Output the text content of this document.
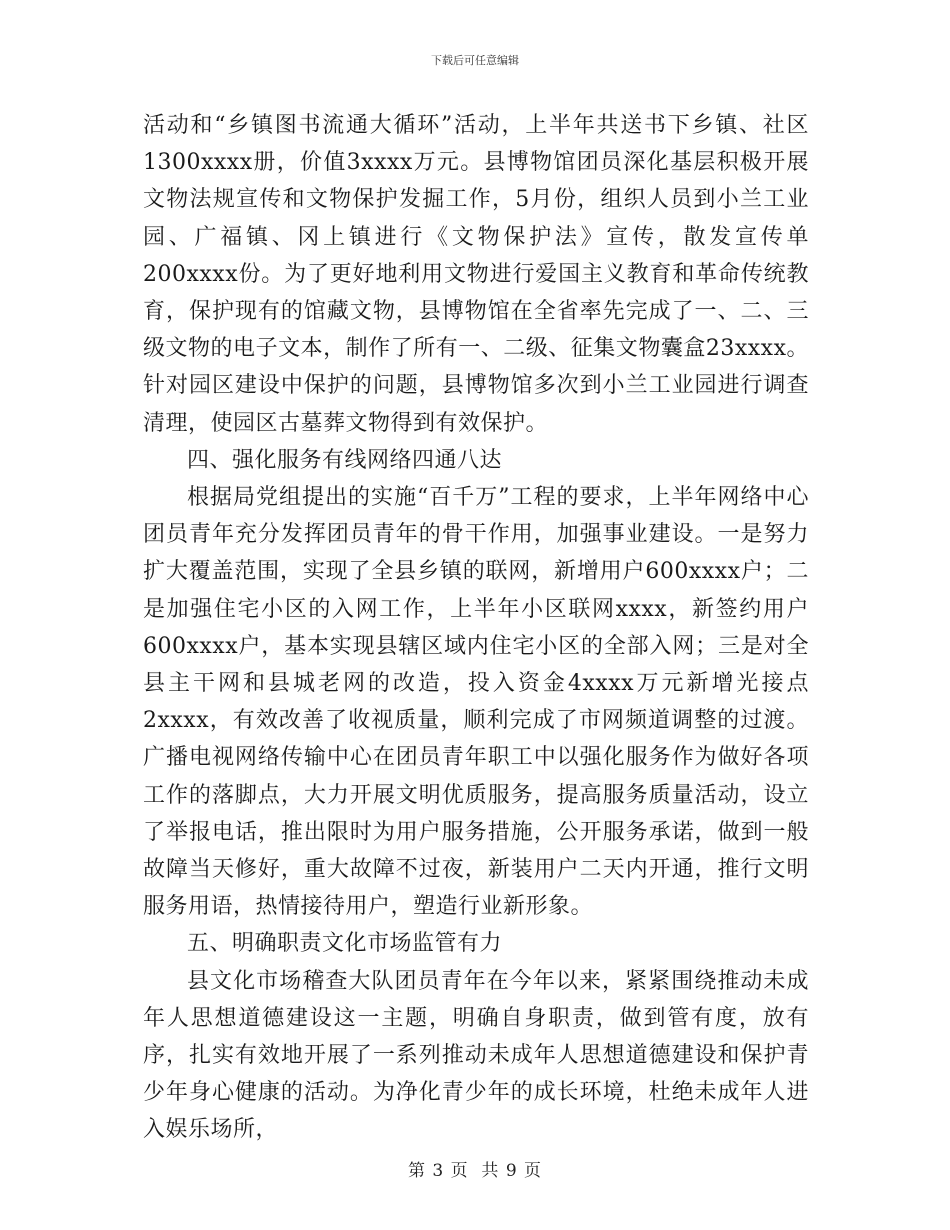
下载后可任意编辑

活动和“乡镇图书流通大循环”活动，上半年共送书下乡镇、社区1300xxxx册，价值3xxxx万元。县博物馆团员深化基层积极开展文物法规宣传和文物保护发掘工作，5月份，组织人员到小兰工业园、广福镇、冈上镇进行《文物保护法》宣传，散发宣传单200xxxx份。为了更好地利用文物进行爱国主义教育和革命传统教育，保护现有的馆藏文物，县博物馆在全省率先完成了一、二、三级文物的电子文本，制作了所有一、二级、征集文物囊盒23xxxx。针对园区建设中保护的问题，县博物馆多次到小兰工业园进行调查清理，使园区古墓葬文物得到有效保护。

四、强化服务有线网络四通八达

根据局党组提出的实施“百千万”工程的要求，上半年网络中心团员青年充分发挥团员青年的骨干作用，加强事业建设。一是努力扩大覆盖范围，实现了全县乡镇的联网，新增用户600xxxx户；二是加强住宅小区的入网工作，上半年小区联网xxxx，新签约用户600xxxx户，基本实现县辖区域内住宅小区的全部入网；三是对全县主干网和县城老网的改造，投入资金4xxxx万元新增光接点2xxxx，有效改善了收视质量，顺利完成了市网频道调整的过渡。广播电视网络传输中心在团员青年职工中以强化服务作为做好各项工作的落脚点，大力开展文明优质服务，提高服务质量活动，设立了举报电话，推出限时为用户服务措施，公开服务承诺，做到一般故障当天修好，重大故障不过夜，新装用户二天内开通，推行文明服务用语，热情接待用户，塑造行业新形象。

五、明确职责文化市场监管有力

县文化市场稽查大队团员青年在今年以来，紧紧围绕推动未成年人思想道德建设这一主题，明确自身职责，做到管有度，放有序，扎实有效地开展了一系列推动未成年人思想道德建设和保护青少年身心健康的活动。为净化青少年的成长环境，杜绝未成年人进入娱乐场所，

第 3 页  共 9 页
